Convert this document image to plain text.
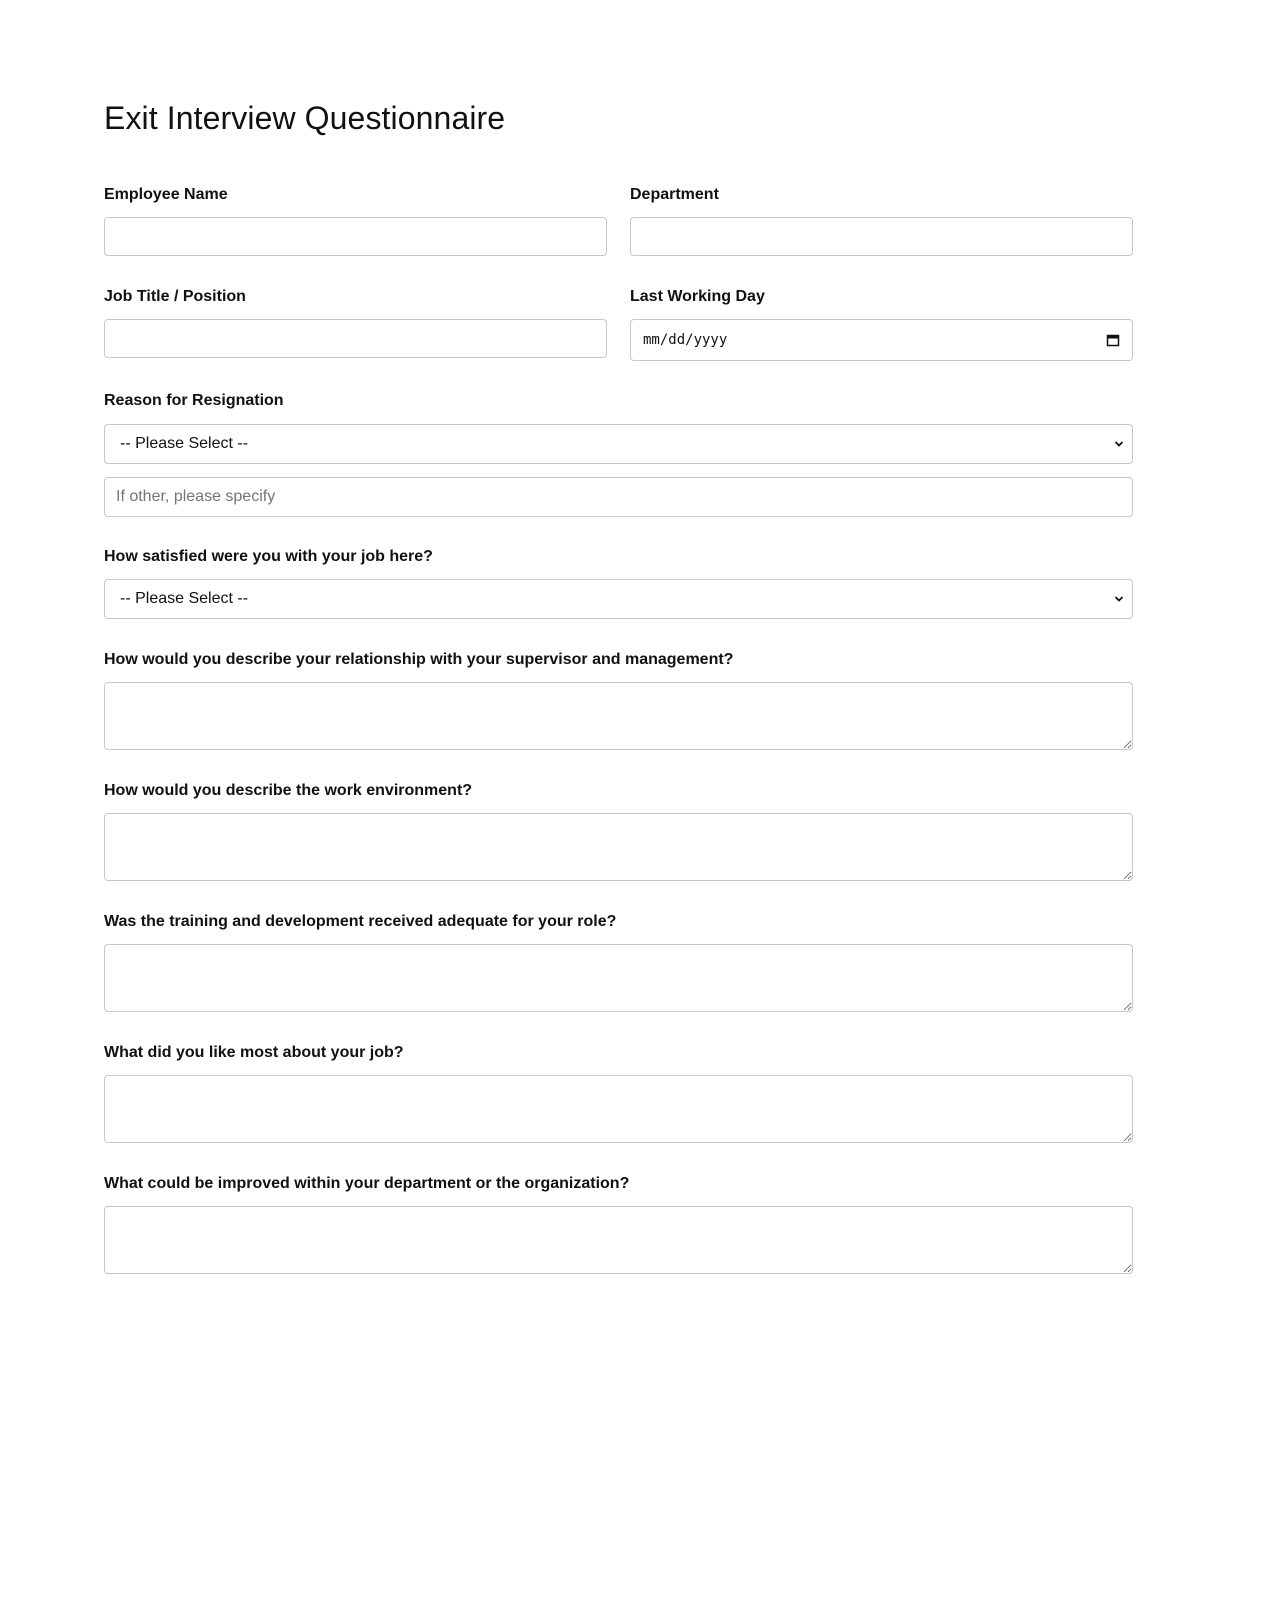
Exit Interview Questionnaire
Employee Name	Department
Job Title / Position	Last Working Day
mm/dd/yyyy
Reason for Resignation
-- Please Select --
If other, please specify
How satisfied were you with your job here?
-- Please Select --
How would you describe your relationship with your supervisor and management?
How would you describe the work environment?
Was the training and development received adequate for your role?
What did you like most about your job?
What could be improved within your department or the organization?
